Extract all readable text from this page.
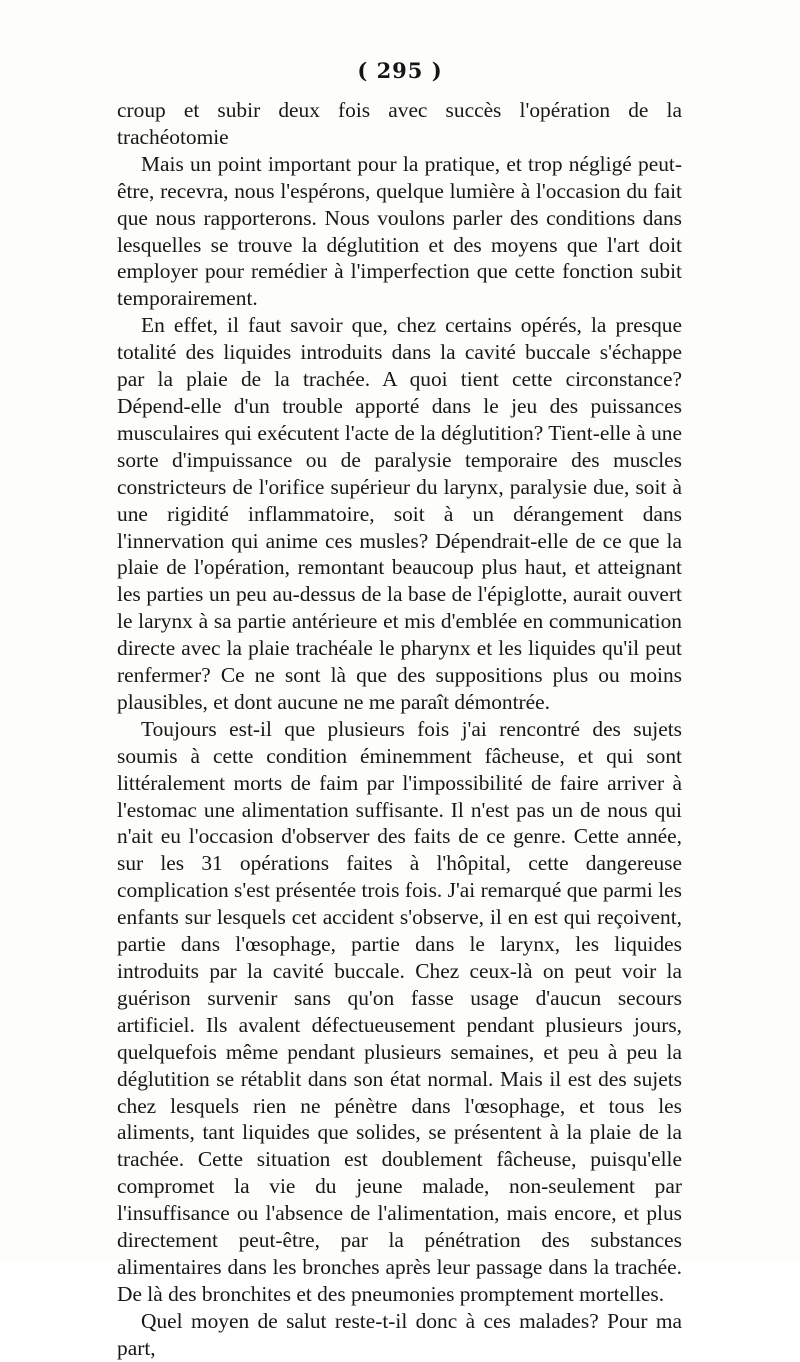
( 295 )

croup et subir deux fois avec succès l'opération de la trachéotomie

Mais un point important pour la pratique, et trop négligé peut-être, recevra, nous l'espérons, quelque lumière à l'occasion du fait que nous rapporterons. Nous voulons parler des conditions dans lesquelles se trouve la déglutition et des moyens que l'art doit employer pour remédier à l'imperfection que cette fonction subit temporairement.

En effet, il faut savoir que, chez certains opérés, la presque totalité des liquides introduits dans la cavité buccale s'échappe par la plaie de la trachée. A quoi tient cette circonstance? Dépend-elle d'un trouble apporté dans le jeu des puissances musculaires qui exécutent l'acte de la déglutition? Tient-elle à une sorte d'impuissance ou de paralysie temporaire des muscles constricteurs de l'orifice supérieur du larynx, paralysie due, soit à une rigidité inflammatoire, soit à un dérangement dans l'innervation qui anime ces musles? Dépendrait-elle de ce que la plaie de l'opération, remontant beaucoup plus haut, et atteignant les parties un peu au-dessus de la base de l'épiglotte, aurait ouvert le larynx à sa partie antérieure et mis d'emblée en communication directe avec la plaie trachéale le pharynx et les liquides qu'il peut renfermer? Ce ne sont là que des suppositions plus ou moins plausibles, et dont aucune ne me paraît démontrée.

Toujours est-il que plusieurs fois j'ai rencontré des sujets soumis à cette condition éminemment fâcheuse, et qui sont littéralement morts de faim par l'impossibilité de faire arriver à l'estomac une alimentation suffisante. Il n'est pas un de nous qui n'ait eu l'occasion d'observer des faits de ce genre. Cette année, sur les 31 opérations faites à l'hôpital, cette dangereuse complication s'est présentée trois fois. J'ai remarqué que parmi les enfants sur lesquels cet accident s'observe, il en est qui reçoivent, partie dans l'œsophage, partie dans le larynx, les liquides introduits par la cavité buccale. Chez ceux-là on peut voir la guérison survenir sans qu'on fasse usage d'aucun secours artificiel. Ils avalent défectueusement pendant plusieurs jours, quelquefois même pendant plusieurs semaines, et peu à peu la déglutition se rétablit dans son état normal. Mais il est des sujets chez lesquels rien ne pénètre dans l'œsophage, et tous les aliments, tant liquides que solides, se présentent à la plaie de la trachée. Cette situation est doublement fâcheuse, puisqu'elle compromet la vie du jeune malade, non-seulement par l'insuffisance ou l'absence de l'alimentation, mais encore, et plus directement peut-être, par la pénétration des substances alimentaires dans les bronches après leur passage dans la trachée. De là des bronchites et des pneumonies promptement mortelles.

Quel moyen de salut reste-t-il donc à ces malades? Pour ma part,
